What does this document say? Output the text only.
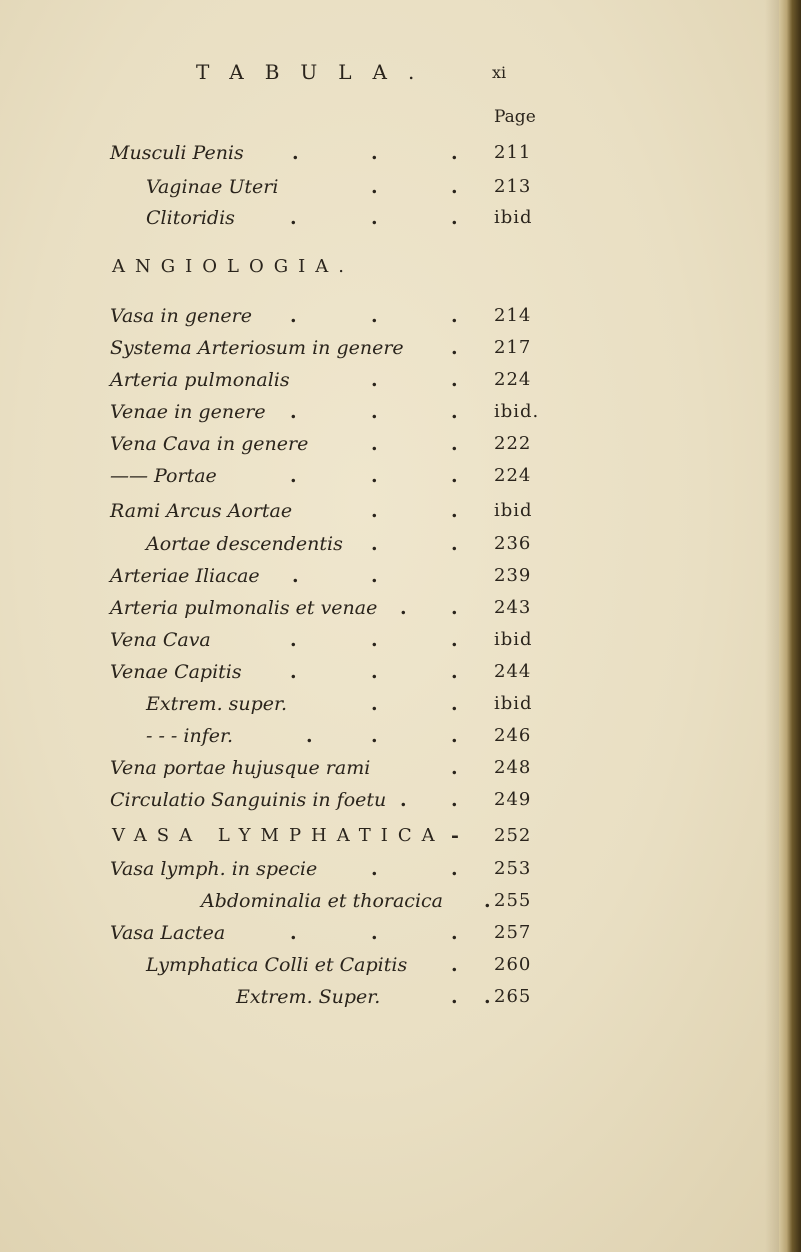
TABULA.	xi
Page
Musculi Penis	.	.	. 211
Vaginae Uteri	.	. 213
Clitoridis	.	.	. ibid
ANGIOLOGIA.
Vasa in genere .	.	. 214
Systema Arteriosum in genere . 217
Arteria pulmonalis	.	. 224
Venae in genere .	.	. ibid.
Vena Cava in genere	.	. 222
—— Portae	.	.	. 224
Rami Arcus Aortae	.	. ibid
Aortae descendentis .	. 236
Arteriae Iliacae .	.	239
Arteria pulmonalis et venae . . 243
Vena Cava	.	.	. ibid
Venae Capitis	.	.	. 244
Extrem. super.	.	. ibid
- - - infer.	.	.	. 246
Vena portae hujusque rami	. 248
Circulatio Sanguinis in foetu . . 249
VASA LYMPHATICA - 252
Vasa lymph. in specie	.	. 253
Abdominalia et thoracica . 255
Vasa Lactea	.	.	. 257
Lymphatica Colli et Capitis . 260
Extrem. Super.	. . 265
